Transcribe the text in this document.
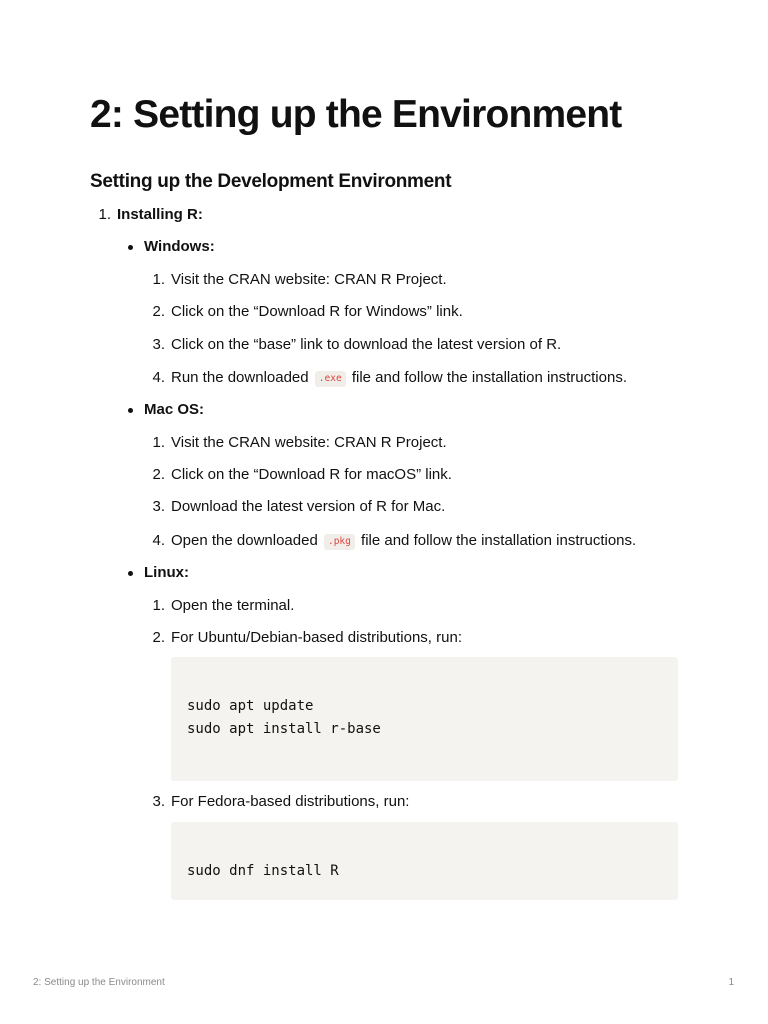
2: Setting up the Environment
Setting up the Development Environment
1. Installing R:
Windows:
1. Visit the CRAN website: CRAN R Project.
2. Click on the “Download R for Windows” link.
3. Click on the “base” link to download the latest version of R.
4. Run the downloaded .exe file and follow the installation instructions.
Mac OS:
1. Visit the CRAN website: CRAN R Project.
2. Click on the “Download R for macOS” link.
3. Download the latest version of R for Mac.
4. Open the downloaded .pkg file and follow the installation instructions.
Linux:
1. Open the terminal.
2. For Ubuntu/Debian-based distributions, run:
sudo apt update
sudo apt install r-base
3. For Fedora-based distributions, run:
sudo dnf install R
2: Setting up the Environment	1
